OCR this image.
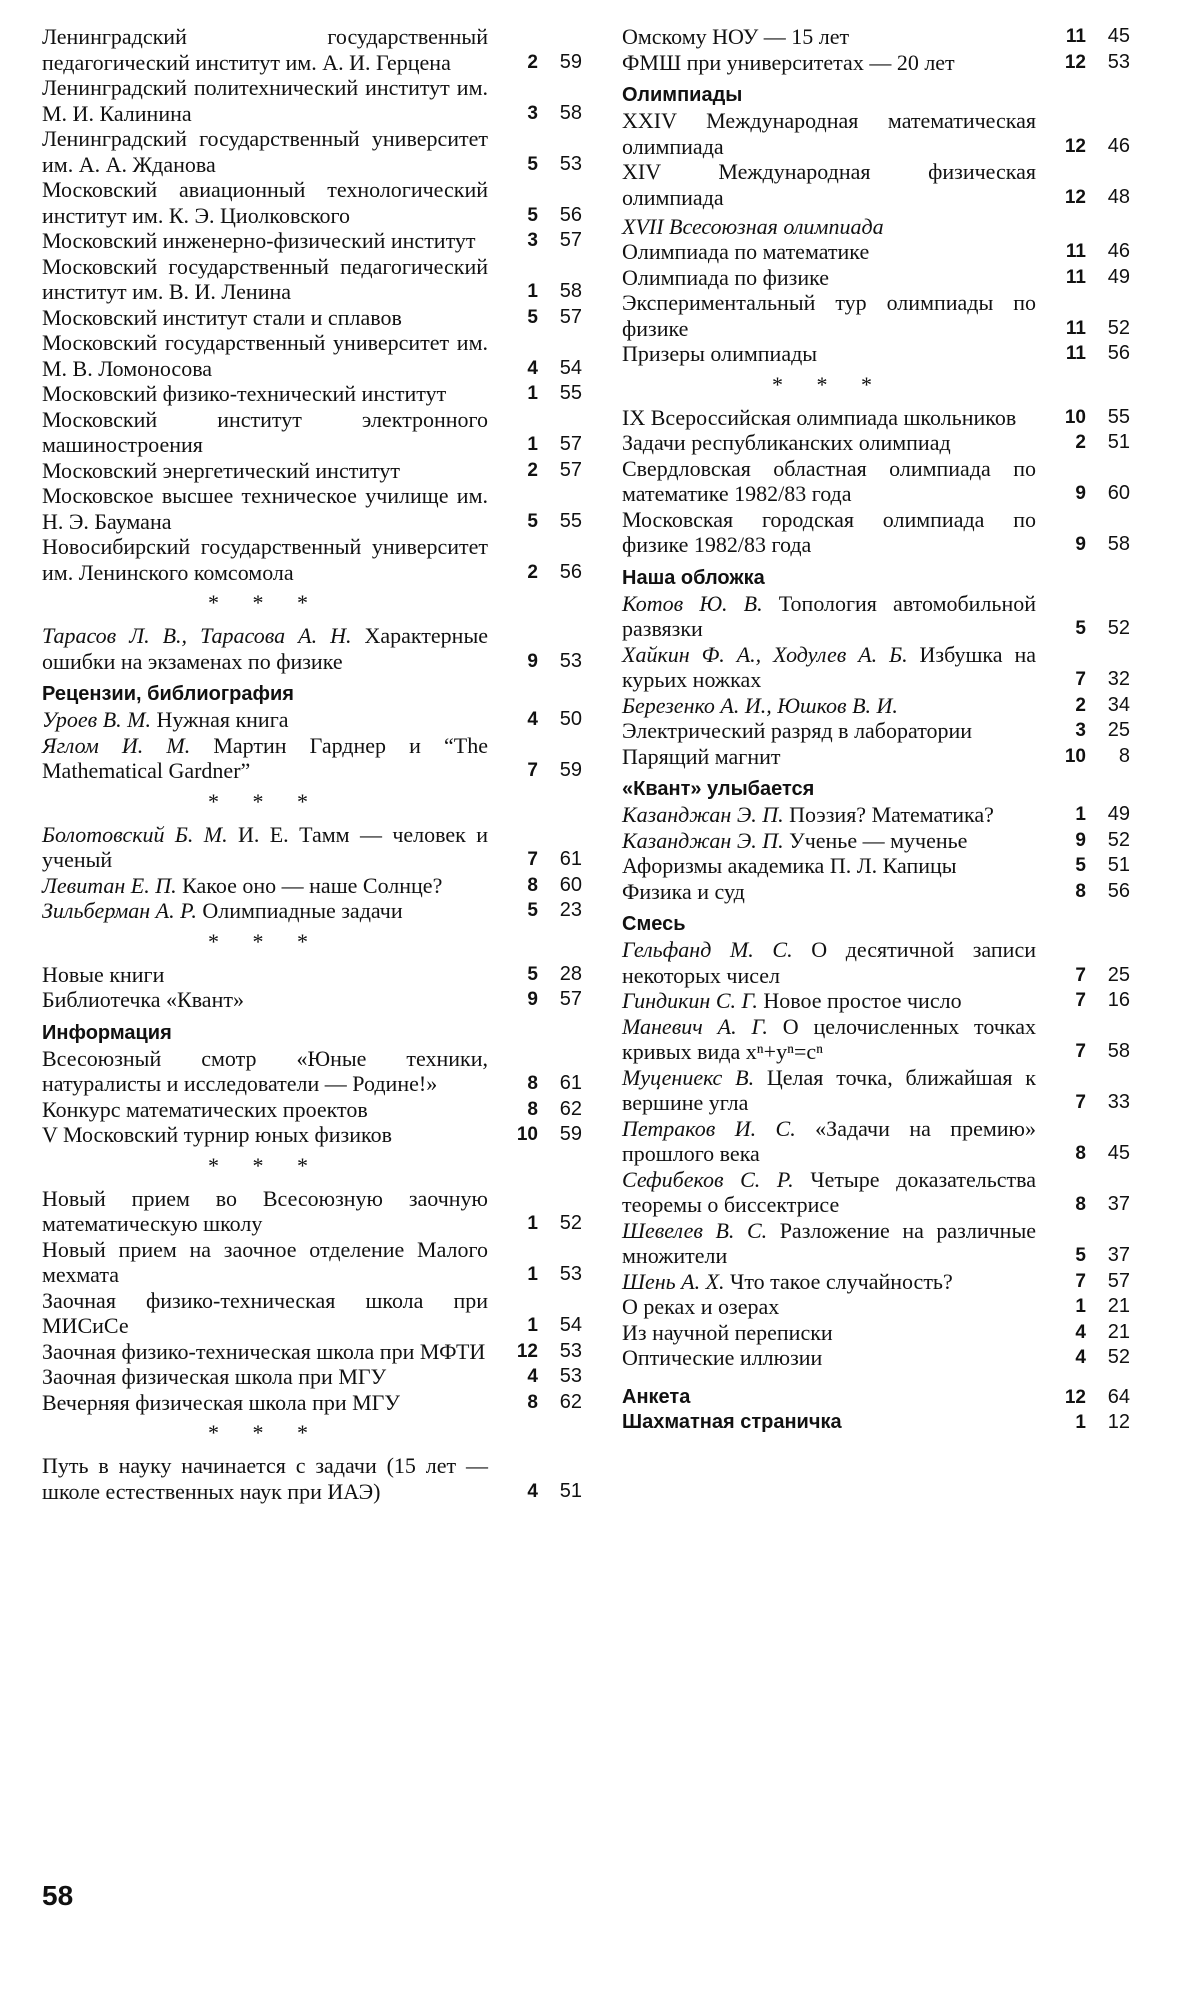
Ленинградский государственный педагогический институт им. А. И. Герцена	2	59
Ленинградский политехнический институт им. М. И. Калинина	3	58
Ленинградский государственный университет им. А. А. Жданова	5	53
Московский авиационный технологический институт им. К. Э. Циолковского	5	56
Московский инженерно-физический институт	3	57
Московский государственный педагогический институт им. В. И. Ленина	1	58
Московский институт стали и сплавов	5	57
Московский государственный университет им. М. В. Ломоносова	4	54
Московский физико-технический институт	1	55
Московский институт электронного машиностроения	1	57
Московский энергетический институт	2	57
Московское высшее техническое училище им. Н. Э. Баумана	5	55
Новосибирский государственный университет им. Ленинского комсомола	2	56
* * *
Тарасов Л. В., Тарасова А. Н. Характерные ошибки на экзаменах по физике	9	53
Рецензии, библиография
Уроев В. М. Нужная книга	4	50
Яглом И. М. Мартин Гарднер и “The Mathematical Gardner”	7	59
* * *
Болотовский Б. М. И. Е. Тамм — человек и ученый	7	61
Левитан Е. П. Какое оно — наше Солнце?	8	60
Зильберман А. Р. Олимпиадные задачи	5	23
* * *
Новые книги	5	28
Библиотечка «Квант»	9	57
Информация
Всесоюзный смотр «Юные техники, натуралисты и исследователи — Родине!»	8	61
Конкурс математических проектов	8	62
V Московский турнир юных физиков	10	59
* * *
Новый прием во Всесоюзную заочную математическую школу	1	52
Новый прием на заочное отделение Малого мехмата	1	53
Заочная физико-техническая школа при МИСиСе	1	54
Заочная физико-техническая школа при МФТИ	12	53
Заочная физическая школа при МГУ	4	53
Вечерняя физическая школа при МГУ	8	62
* * *
Путь в науку начинается с задачи (15 лет — школе естественных наук при ИАЭ)	4	51
Омскому НОУ — 15 лет	11	45
ФМШ при университетах — 20 лет	12	53
Олимпиады
XXIV Международная математическая олимпиада	12	46
XIV Международная физическая олимпиада	12	48
XVII Всесоюзная олимпиада
Олимпиада по математике	11	46
Олимпиада по физике	11	49
Экспериментальный тур олимпиады по физике	11	52
Призеры олимпиады	11	56
* * *
IX Всероссийская олимпиада школьников	10	55
Задачи республиканских олимпиад	2	51
Свердловская областная олимпиада по математике 1982/83 года	9	60
Московская городская олимпиада по физике 1982/83 года	9	58
Наша обложка
Котов Ю. В. Топология автомобильной развязки	5	52
Хайкин Ф. А., Ходулев А. Б. Избушка на курьих ножках	7	32
Березенко А. И., Юшков В. И.	2	34
Электрический разряд в лаборатории	3	25
Парящий магнит	10	8
«Квант» улыбается
Казанджан Э. П. Поэзия? Математика?	1	49
Казанджан Э. П. Ученье — мученье	9	52
Афоризмы академика П. Л. Капицы	5	51
Физика и суд	8	56
Смесь
Гельфанд М. С. О десятичной записи некоторых чисел	7	25
Гиндикин С. Г. Новое простое число	7	16
Маневич А. Г. О целочисленных точках кривых вида xⁿ+yⁿ=cⁿ	7	58
Муцениекс В. Целая точка, ближайшая к вершине угла	7	33
Петраков И. С. «Задачи на премию» прошлого века	8	45
Сефибеков С. Р. Четыре доказательства теоремы о биссектрисе	8	37
Шевелев В. С. Разложение на различные множители	5	37
Шень А. Х. Что такое случайность?	7	57
О реках и озерах	1	21
Из научной переписки	4	21
Оптические иллюзии	4	52
Анкета	12	64
Шахматная страничка	1	12
58
